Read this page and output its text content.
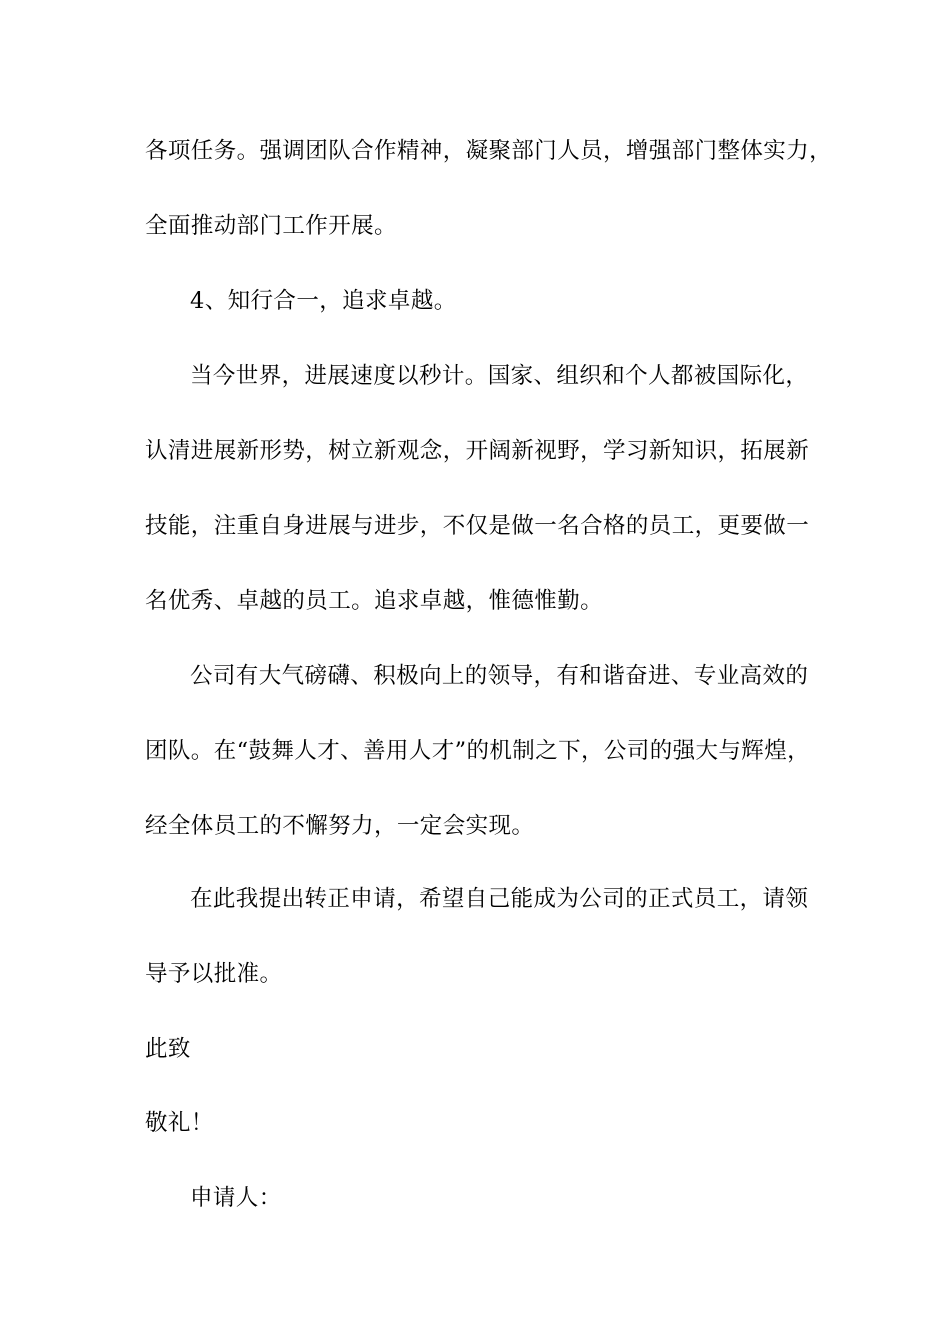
各项任务。强调团队合作精神，凝聚部门人员，增强部门整体实力，
全面推动部门工作开展。
4、知行合一，追求卓越。
当今世界，进展速度以秒计。国家、组织和个人都被国际化，
认清进展新形势，树立新观念，开阔新视野，学习新知识，拓展新
技能，注重自身进展与进步，不仅是做一名合格的员工，更要做一
名优秀、卓越的员工。追求卓越，惟德惟勤。
公司有大气磅礴、积极向上的领导，有和谐奋进、专业高效的
团队。在“鼓舞人才、善用人才”的机制之下，公司的强大与辉煌，
经全体员工的不懈努力，一定会实现。
在此我提出转正申请，希望自己能成为公司的正式员工，请领
导予以批准。
此致
敬礼！
申请人：
